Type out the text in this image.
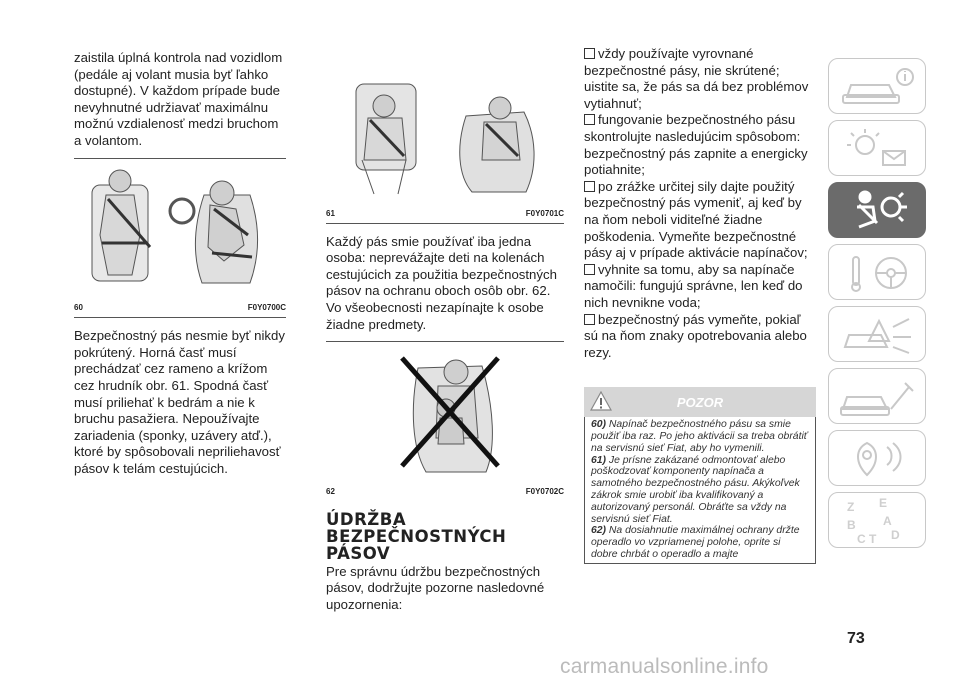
zaistila úplná kontrola nad vozidlom (pedále aj volant musia byť ľahko dostupné). V každom prípade bude nevyhnutné udržiavať maximálnu možnú vzdialenosť medzi bruchom a volantom.

60	F0Y0700C

Bezpečnostný pás nesmie byť nikdy pokrútený. Horná časť musí prechádzať cez rameno a krížom cez hrudník obr. 61. Spodná časť musí priliehať k bedrám a nie k bruchu pasažiera. Nepoužívajte zariadenia (sponky, uzávery atď.), ktoré by spôsobovali nepriliehavosť pásov k telám cestujúcich.

61	F0Y0701C

Každý pás smie používať iba jedna osoba: neprevážajte deti na kolenách cestujúcich za použitia bezpečnostných pásov na ochranu oboch osôb obr. 62. Vo všeobecnosti nezapínajte k osobe žiadne predmety.

62	F0Y0702C
ÚDRŽBA BEZPEČNOSTNÝCH PÁSOV

Pre správnu údržbu bezpečnostných pásov, dodržujte pozorne nasledovné upozornenia:

vždy používajte vyrovnané bezpečnostné pásy, nie skrútené; uistite sa, že pás sa dá bez problémov vytiahnuť;
fungovanie bezpečnostného pásu skontrolujte nasledujúcim spôsobom: bezpečnostný pás zapnite a energicky potiahnite;
po zrážke určitej sily dajte použitý bezpečnostný pás vymeniť, aj keď by na ňom neboli viditeľné žiadne poškodenia. Vymeňte bezpečnostné pásy aj v prípade aktivácie napínačov;
vyhnite sa tomu, aby sa napínače namočili: fungujú správne, len keď do nich nevnikne voda;
bezpečnostný pás vymeňte, pokiaľ sú na ňom znaky opotrebovania alebo rezy.
POZOR
60) Napínač bezpečnostného pásu sa smie použiť iba raz. Po jeho aktivácii sa treba obrátiť na servisnú sieť Fiat, aby ho vymenili.
61) Je prísne zakázané odmontovať alebo poškodzovať komponenty napínača a samotného bezpečnostného pásu. Akýkoľvek zákrok smie urobiť iba kvalifikovaný a autorizovaný personál. Obráťte sa vždy na servisnú sieť Fiat.
62) Na dosiahnutie maximálnej ochrany držte operadlo vo vzpriamenej polohe, oprite si dobre chrbát o operadlo a majte
Z E
B A
C D
T
73
carmanualsonline.info
